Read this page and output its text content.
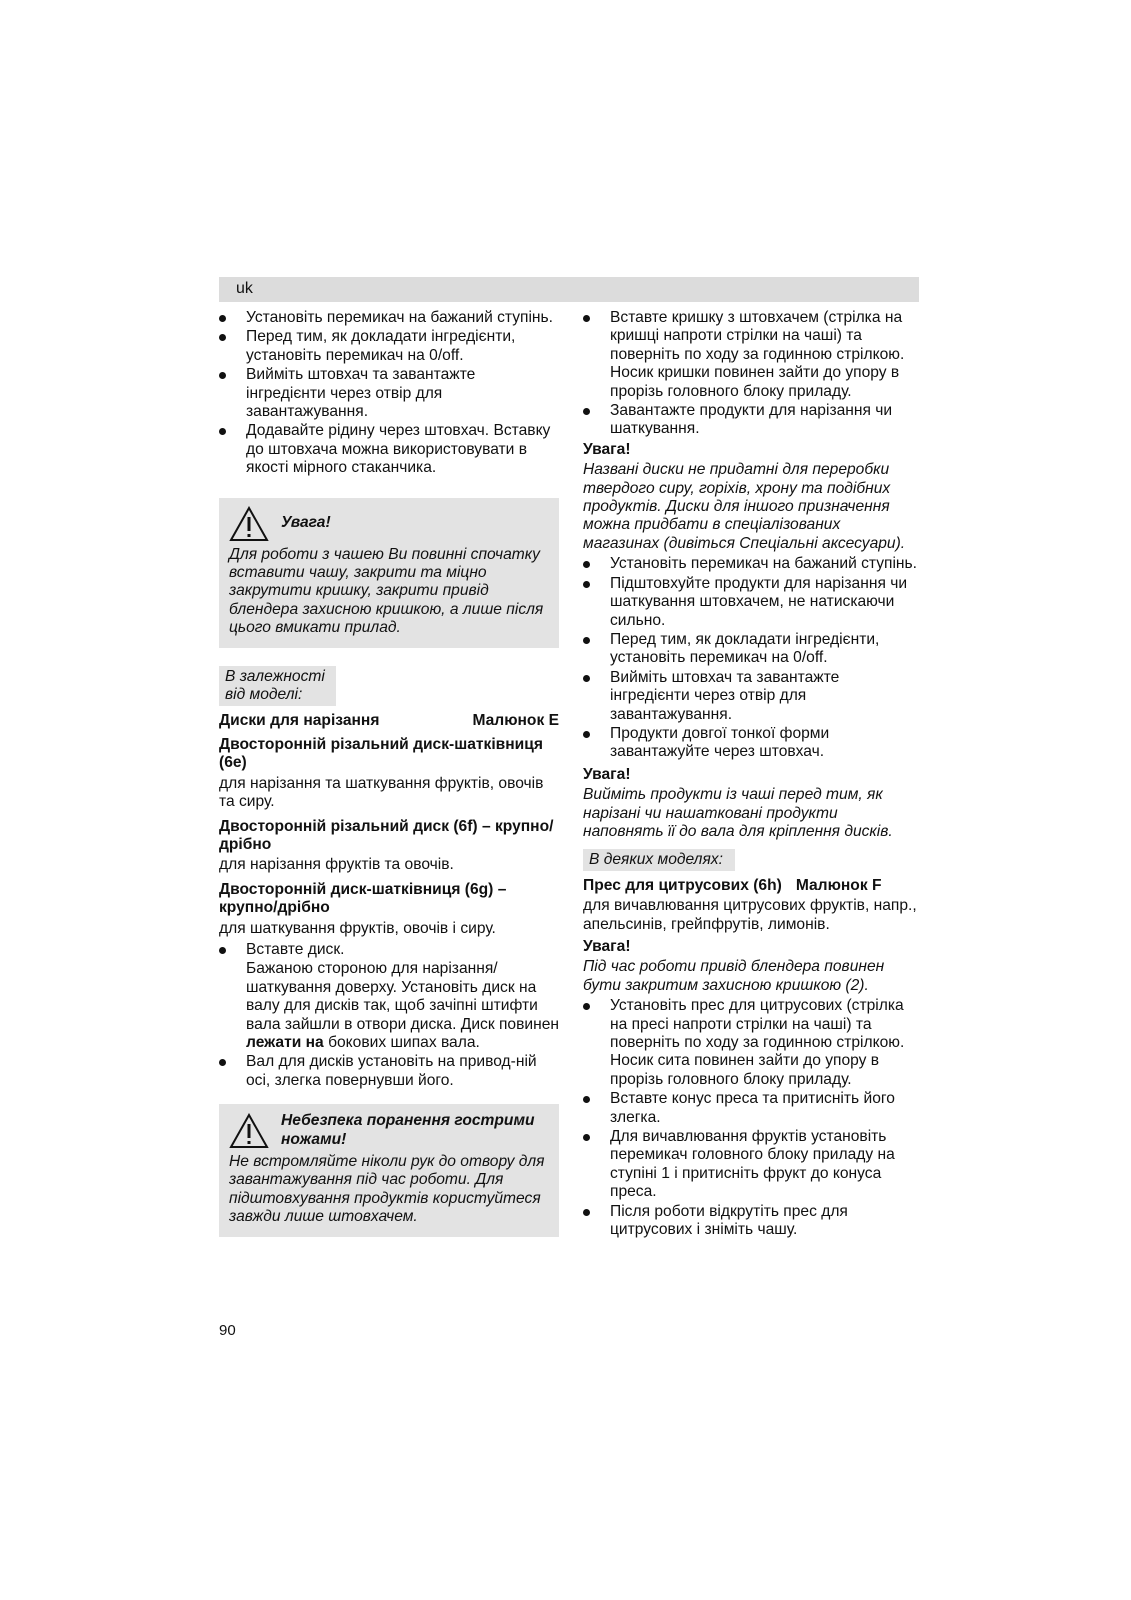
uk
Установіть перемикач на бажаний ступінь.
Перед тим, як докладати інгредієнти, установіть перемикач на 0/off.
Вийміть штовхач та завантажте інгредієнти через отвір для завантажування.
Додавайте рідину через штовхач. Вставку до штовхача можна використовувати в якості мірного стаканчика.
Увага!

Для роботи з чашею Ви повинні спочатку вставити чашу, закрити та міцно закрутити кришку, закрити привід блендера захисною кришкою, а лише після цього вмикати прилад.

В залежності від моделі:
Диски для нарізання	Малюнок E

Двосторонній різальний диск-шатківниця (6e)

для нарізання та шаткування фруктів, овочів та сиру.

Двосторонній різальний диск (6f) – крупно/дрібно

для нарізання фруктів та овочів.

Двосторонній диск-шатківниця (6g) – крупно/дрібно

для шаткування фруктів, овочів і сиру.

Вставте диск.

Бажаною стороною для нарізання/ шаткування доверху. Установіть диск на валу для дисків так, щоб зачіпні штифти вала зайшли в отвори диска. Диск повинен лежати на бокових шипах вала.

Вал для дисків установіть на привод-ній осі, злегка повернувши його.
Небезпека поранення гострими ножами!

Не встромляйте ніколи рук до отвору для завантажування під час роботи. Для підштовхування продуктів користуйтеся завжди лише штовхачем.

Вставте кришку з штовхачем (стрілка на кришці напроти стрілки на чаші) та поверніть по ходу за годинною стрілкою. Носик кришки повинен зайти до упору в прорізь головного блоку приладу.
Завантажте продукти для нарізання чи шаткування.

Увага!

Названі диски не придатні для переробки твердого сиру, горіхів, хрону та подібних продуктів. Диски для іншого призначення можна придбати в спеціалізованих магазинах (дивіться Спеціальні аксесуари).

Установіть перемикач на бажаний ступінь.
Підштовхуйте продукти для нарізання чи шаткування штовхачем, не натискаючи сильно.
Перед тим, як докладати інгредієнти, установіть перемикач на 0/off.
Вийміть штовхач та завантажте інгредієнти через отвір для завантажування.
Продукти довгої тонкої форми завантажуйте через штовхач.

Увага!

Вийміть продукти із чаші перед тим, як нарізані чи нашатковані продукти наповнять її до вала для кріплення дисків.

В деяких моделях:
Прес для цитрусових (6h) Малюнок F

для вичавлювання цитрусових фруктів, напр., апельсинів, грейпфрутів, лимонів.

Увага!

Під час роботи привід блендера повинен бути закритим захисною кришкою (2).

Установіть прес для цитрусових (стрілка на пресі напроти стрілки на чаші) та поверніть по ходу за годинною стрілкою. Носик сита повинен зайти до упору в прорізь головного блоку приладу.
Вставте конус преса та притисніть його злегка.
Для вичавлювання фруктів установіть перемикач головного блоку приладу на ступіні 1 і притисніть фрукт до конуса преса.
Після роботи відкрутіть прес для цитрусових і зніміть чашу.
90
